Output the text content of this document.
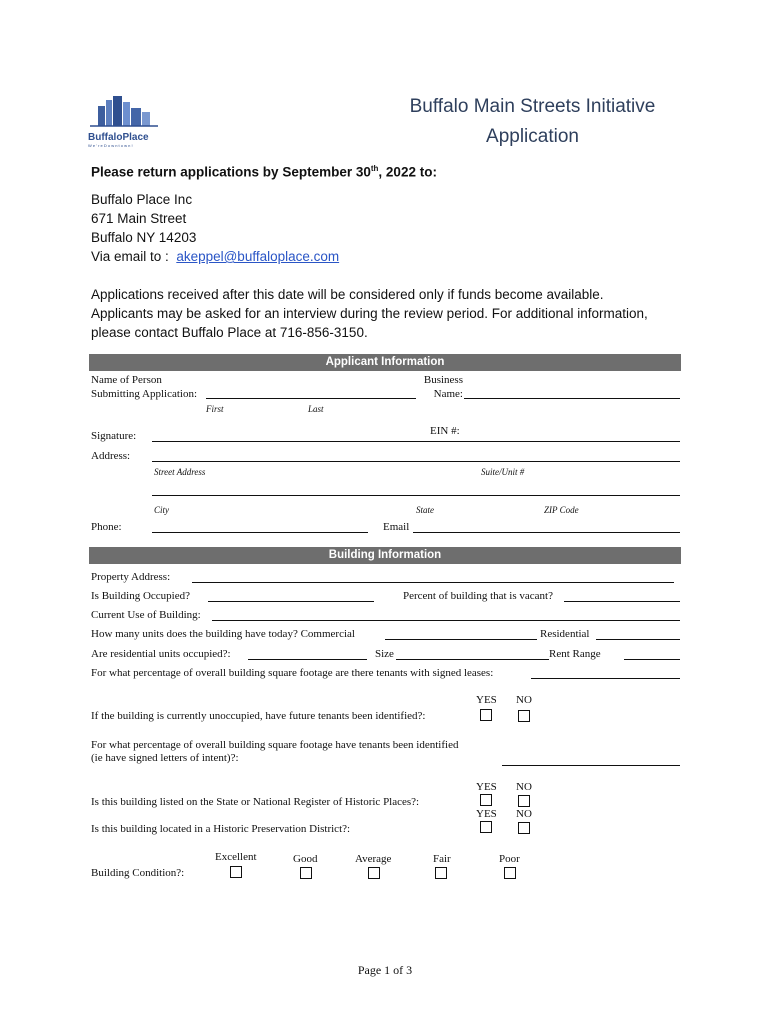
BuffaloPlace
W e ' r e D o w n t o w n !
Buffalo Main Streets Initiative
Application
Please return applications by September 30th, 2022 to:
Buffalo Place Inc
671 Main Street
Buffalo NY 14203
Via email to : akeppel@buffaloplace.com
Applications received after this date will be considered only if funds become available.
Applicants may be asked for an interview during the review period. For additional information,
please contact Buffalo Place at 716-856-3150.
Applicant Information
Name of Person
Submitting Application:
First	Last
Business
Name:
Signature:	EIN #:
Address:
Street Address	Suite/Unit #
City	State	ZIP Code
Phone:	Email
Building Information
Property Address:
Is Building Occupied?	Percent of building that is vacant?
Current Use of Building:
How many units does the building have today? Commercial	Residential
Are residential units occupied?:	Size	Rent Range
For what percentage of overall building square footage are there tenants with signed leases:
YES NO
If the building is currently unoccupied, have future tenants been identified?:
For what percentage of overall building square footage have tenants been identified
(ie have signed letters of intent)?:
YES NO
Is this building listed on the State or National Register of Historic Places?:
YES NO
Is this building located in a Historic Preservation District?:
Excellent	Good	Average	Fair	Poor
Building Condition?:
Page 1 of 3
